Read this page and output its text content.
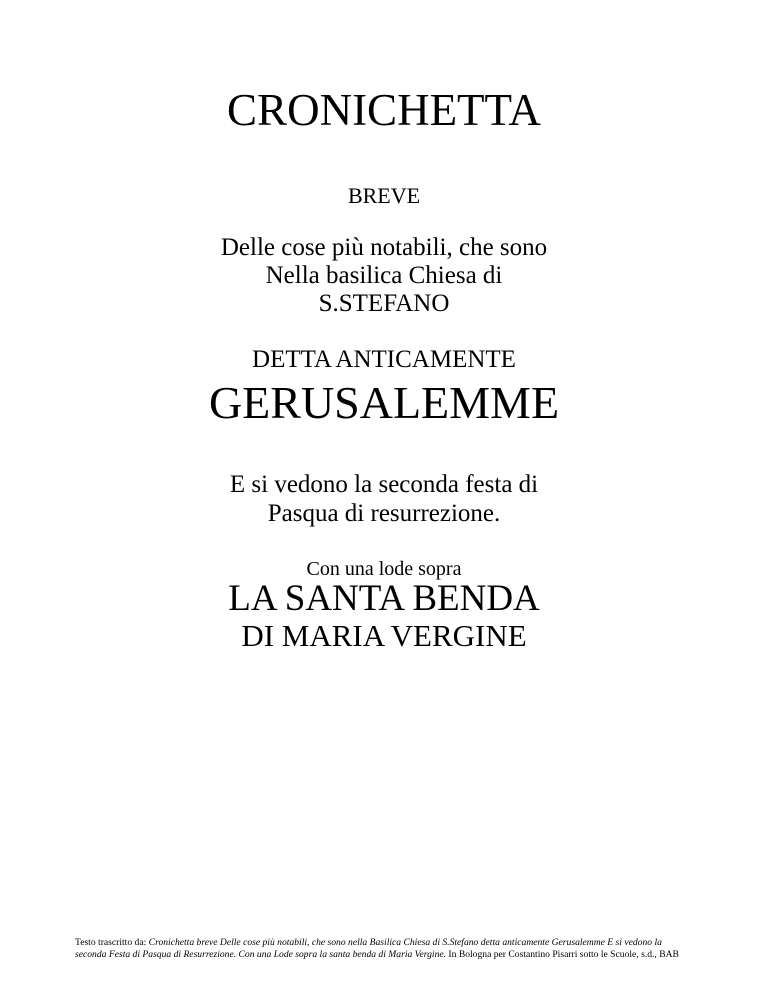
CRONICHETTA
BREVE
Delle cose più notabili, che sono
Nella basilica Chiesa di
S.STEFANO
DETTA ANTICAMENTE
GERUSALEMME
E si vedono la seconda festa di
Pasqua di resurrezione.
Con una lode sopra
LA SANTA BENDA
DI MARIA VERGINE
Testo trascritto da: Cronichetta breve Delle cose più notabili, che sono nella Basilica Chiesa di S.Stefano detta anticamente Gerusalemme E si vedono la seconda Festa di Pasqua di Resurrezione. Con una Lode sopra la santa benda di Maria Vergine. In Bologna per Costantino Pisarri sotto le Scuole, s.d., BAB
